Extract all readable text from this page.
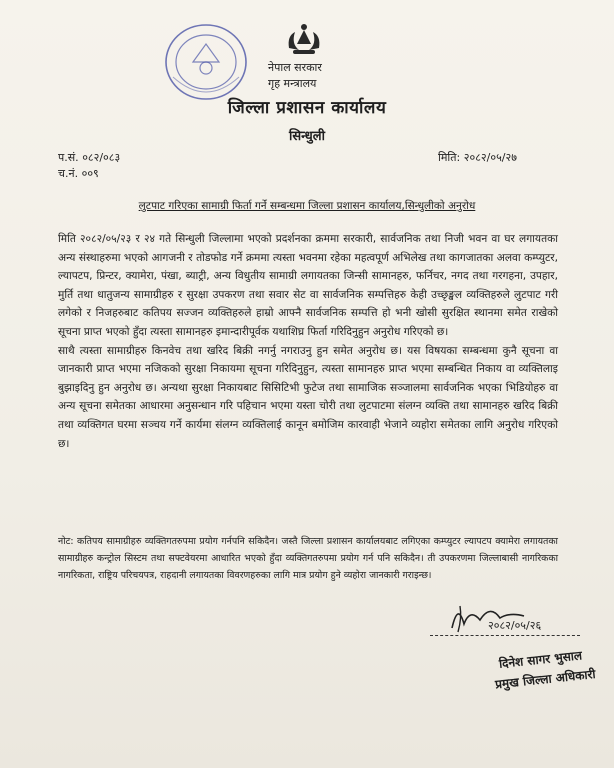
नेपाल सरकार
गृह मन्त्रालय
जिल्ला प्रशासन कार्यालय
सिन्धुली
प.सं. ०८२/०८३
च.नं. ००९
मिति: २०८२/०५/२७
लुटपाट गरिएका सामाग्री फिर्ता गर्ने सम्बन्धमा जिल्ला प्रशासन कार्यालय,सिन्धुलीको अनुरोध

मिति २०८२/०५/२३ र २४ गते सिन्धुली जिल्लामा भएको प्रदर्शनका क्रममा सरकारी, सार्वजनिक तथा निजी भवन वा घर लगायतका अन्य संस्थाहरुमा भएको आगजनी र तोडफोड गर्ने क्रममा त्यस्ता भवनमा रहेका महत्वपूर्ण अभिलेख तथा कागजातका अलवा कम्प्युटर, ल्यापटप, प्रिन्टर, क्यामेरा, पंखा, ब्याट्री, अन्य विधुतीय सामाग्री लगायतका जिन्सी सामानहरु, फर्निचर, नगद तथा गरगहना, उपहार, मुर्ति तथा धातुजन्य सामाग्रीहरु र सुरक्षा उपकरण तथा सवार सेट वा सार्वजनिक सम्पत्तिहरु केही उच्छृङ्खल व्यक्तिहरुले लुटपाट गरी लगेको र निजहरुबाट कतिपय सज्जन व्यक्तिहरुले हाम्रो आफ्नै सार्वजनिक सम्पत्ति हो भनी खोसी सुरक्षित स्थानमा समेत राखेको सूचना प्राप्त भएको हुँदा त्यस्ता सामानहरु इमान्दारीपूर्वक यथाशिघ्र फिर्ता गरिदिनुहुन अनुरोध गरिएको छ।

साथै त्यस्ता सामाग्रीहरु किनवेच तथा खरिद बिक्री नगर्नु नगराउनु हुन समेत अनुरोध छ। यस विषयका सम्बन्धमा कुनै सूचना वा जानकारी प्राप्त भएमा नजिकको सुरक्षा निकायमा सूचना गरिदिनुहुन, त्यस्ता सामानहरु प्राप्त भएमा सम्बन्धित निकाय वा व्यक्तिलाइ बुझाइदिनु हुन अनुरोध छ। अन्यथा सुरक्षा निकायबाट सिसिटिभी फुटेज तथा सामाजिक सञ्जालमा सार्वजनिक भएका भिडियोहरु वा अन्य सूचना समेतका आधारमा अनुसन्धान गरि पहिचान भएमा यस्ता चोरी तथा लुटपाटमा संलग्न व्यक्ति तथा सामानहरु खरिद बिक्री तथा व्यक्तिगत घरमा सञ्चय गर्ने कार्यमा संलग्न व्यक्तिलाई कानून बमोजिम कारवाही भेजाने व्यहोरा समेतका लागि अनुरोध गरिएको छ।

नोट: कतिपय सामाग्रीहरु व्यक्तिगतरुपमा प्रयोग गर्नपनि सकिदैन। जस्तै जिल्ला प्रशासन कार्यालयबाट लगिएका कम्प्युटर ल्यापटप क्यामेरा लगायतका सामाग्रीहरु कन्ट्रोल सिस्टम तथा सफ्टवेयरमा आधारित भएको हुँदा व्यक्तिगतरुपमा प्रयोग गर्न पनि सकिदैन। ती उपकरणमा जिल्लाबासी नागरिकका नागरिकता, राष्ट्रिय परिचयपत्र, राहदानी लगायतका विवरणहरुका लागि मात्र प्रयोग हुने व्यहोरा जानकारी गराइन्छ।

२०८२/०५/२६
दिनेश सागर भुसाल
प्रमुख जिल्ला अधिकारी
